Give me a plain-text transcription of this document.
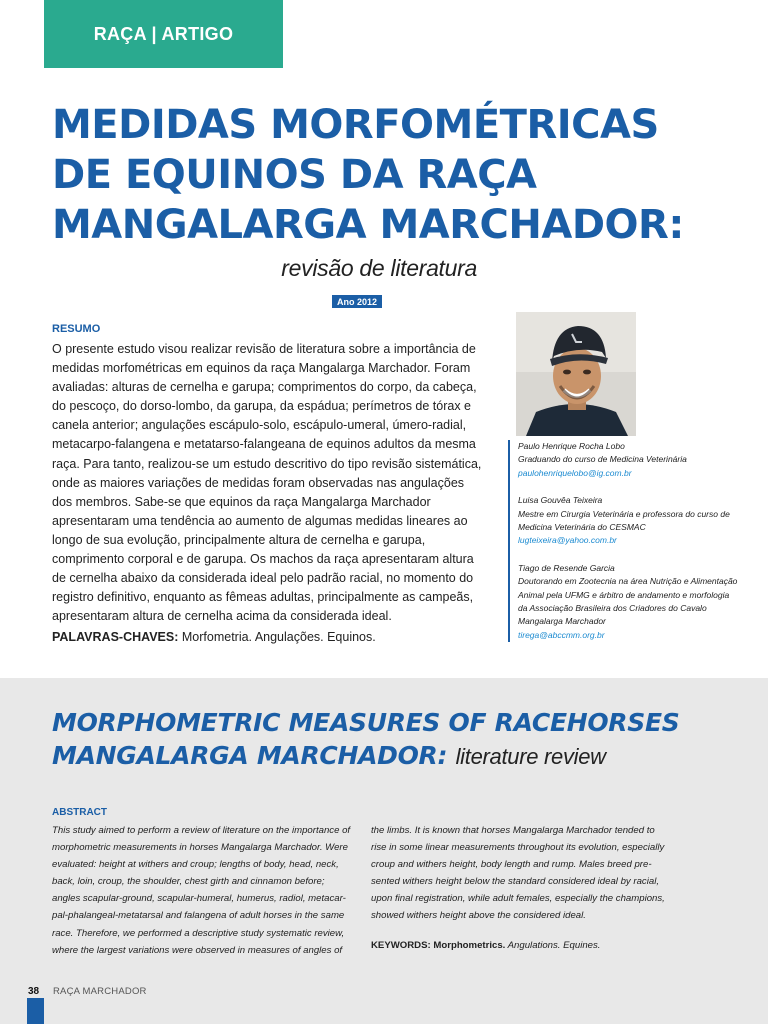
RAÇA | ARTIGO
MEDIDAS MORFOMÉTRICAS
DE EQUINOS DA RAÇA
MANGALARGA MARCHADOR:
revisão de literatura
Ano 2012
RESUMO

O presente estudo visou realizar revisão de literatura sobre a importância de medidas morfométricas em equinos da raça Mangalarga Marchador. Foram avaliadas: alturas de cernelha e garupa; comprimentos do corpo, da cabeça, do pescoço, do dorso-lombo, da garupa, da espádua; perímetros de tórax e canela anterior; angulações escápulo-solo, escápulo-umeral, úmero-radial, metacarpo-falangena e metatarso-falangeana de equinos adultos da mesma raça. Para tanto, realizou-se um estudo descritivo do tipo revisão sistemática, onde as maiores variações de medidas foram observadas nas angulações dos membros. Sabe-se que equinos da raça Mangalarga Marchador apresentaram uma tendência ao aumento de algumas medidas lineares ao longo de sua evolução, principalmente altura de cernelha e garupa, comprimento corporal e de garupa. Os machos da raça apresentaram altura de cernelha abaixo da considerada ideal pelo padrão racial, no momento do registro definitivo, enquanto as fêmeas adultas, principalmente as campeãs, apresentaram altura de cernelha acima da considerada ideal.

PALAVRAS-CHAVES: Morfometria. Angulações. Equinos.
Paulo Henrique Rocha Lobo
Graduando do curso de Medicina Veterinária
paulohenriquelobo@ig.com.br
Luisa Gouvêa Teixeira
Mestre em Cirurgia Veterinária e professora do curso de Medicina Veterinária do CESMAC
lugteixeira@yahoo.com.br
Tiago de Resende Garcia
Doutorando em Zootecnia na área Nutrição e Alimentação Animal pela UFMG e árbitro de andamento e morfologia da Associação Brasileira dos Criadores do Cavalo Mangalarga Marchador
tirega@abccmm.org.br
MORPHOMETRIC MEASURES OF RACEHORSES
MANGALARGA MARCHADOR: literature review
ABSTRACT

This study aimed to perform a review of literature on the importance of morphometric measurements in horses Mangalarga Marchador. Were evaluated: height at withers and croup; lengths of body, head, neck, back, loin, croup, the shoulder, chest girth and cinnamon before; angles scapular-ground, scapular-humeral, humerus, radiol, metacar-pal-phalangeal-metatarsal and falangena of adult horses in the same race. Therefore, we performed a descriptive study systematic review, where the largest variations were observed in measures of angles of

the limbs. It is known that horses Mangalarga Marchador tended to rise in some linear measurements throughout its evolution, especially croup and withers height, body length and rump. Males breed pre-sented withers height below the standard considered ideal by racial, upon final registration, while adult females, especially the champions, showed withers height above the considered ideal.

KEYWORDS: Morphometrics. Angulations. Equines.
38 RAÇA MARCHADOR
